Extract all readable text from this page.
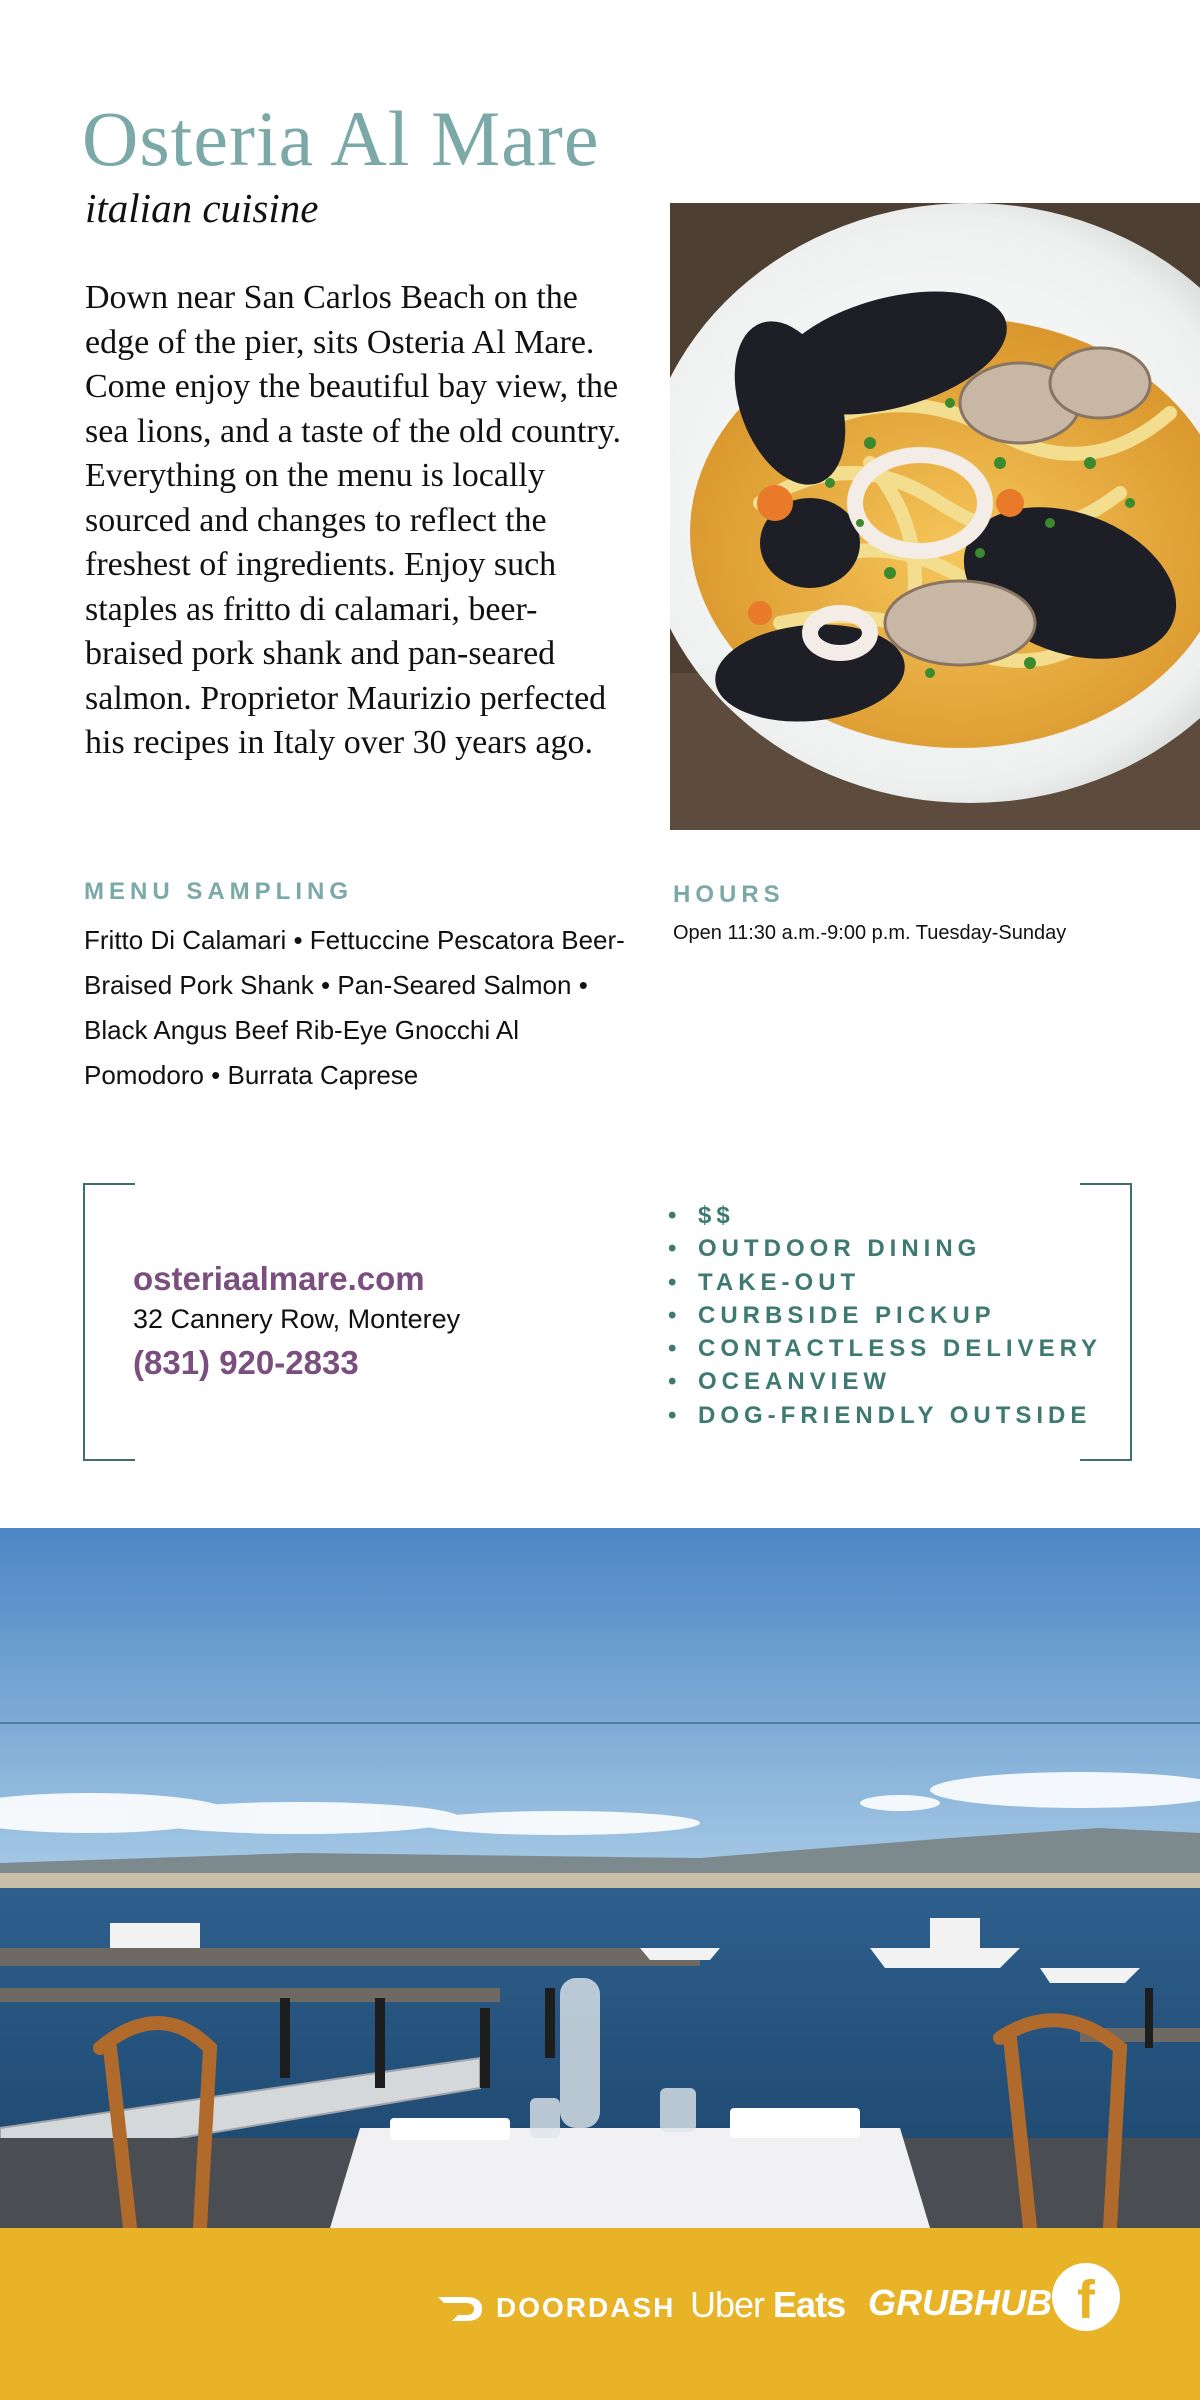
Osteria Al Mare
italian cuisine
Down near San Carlos Beach on the edge of the pier, sits Osteria Al Mare. Come enjoy the beautiful bay view, the sea lions, and a taste of the old country. Everything on the menu is locally sourced and changes to reflect the freshest of ingredients. Enjoy such staples as fritto di calamari, beer-braised pork shank and pan-seared salmon. Proprietor Maurizio perfected his recipes in Italy over 30 years ago.
MENU SAMPLING
Fritto Di Calamari • Fettuccine Pescatora Beer-Braised Pork Shank • Pan-Seared Salmon • Black Angus Beef Rib-Eye Gnocchi Al Pomodoro • Burrata Caprese
HOURS
Open 11:30 a.m.-9:00 p.m. Tuesday-Sunday
osteriaalmare.com
32 Cannery Row, Monterey
(831) 920-2833
• $$
• OUTDOOR DINING
• TAKE-OUT
• CURBSIDE PICKUP
• CONTACTLESS DELIVERY
• OCEANVIEW
• DOG-FRIENDLY OUTSIDE
DOORDASH Uber Eats GRUBHUB f
